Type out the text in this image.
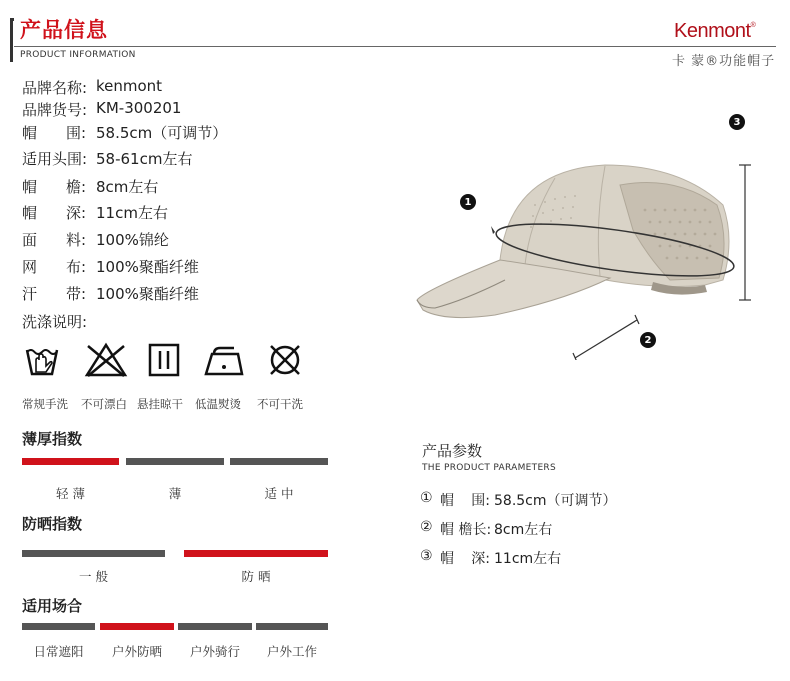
产品信息
PRODUCT INFORMATION
Kenmont®
卡 蒙®功能帽子
品牌名称: kenmont
品牌货号: KM-300201
帽 围: 58.5cm（可调节）
适用头围: 58-61cm左右
帽 檐: 8cm左右
帽 深: 11cm左右
面 料: 100%锦纶
网 布: 100%聚酯纤维
汗 带: 100%聚酯纤维
洗涤说明:
常规手洗 不可漂白 悬挂晾干 低温熨烫 不可干洗
薄厚指数
轻 薄	薄	适 中
防晒指数
一 般	防 晒
适用场合
日常遮阳	户外防晒	户外骑行	户外工作
1
2
3
产品参数
THE PRODUCT PARAMETERS
① 帽 围: 58.5cm（可调节）
② 帽 檐 长: 8cm左右
③ 帽 深: 11cm左右
